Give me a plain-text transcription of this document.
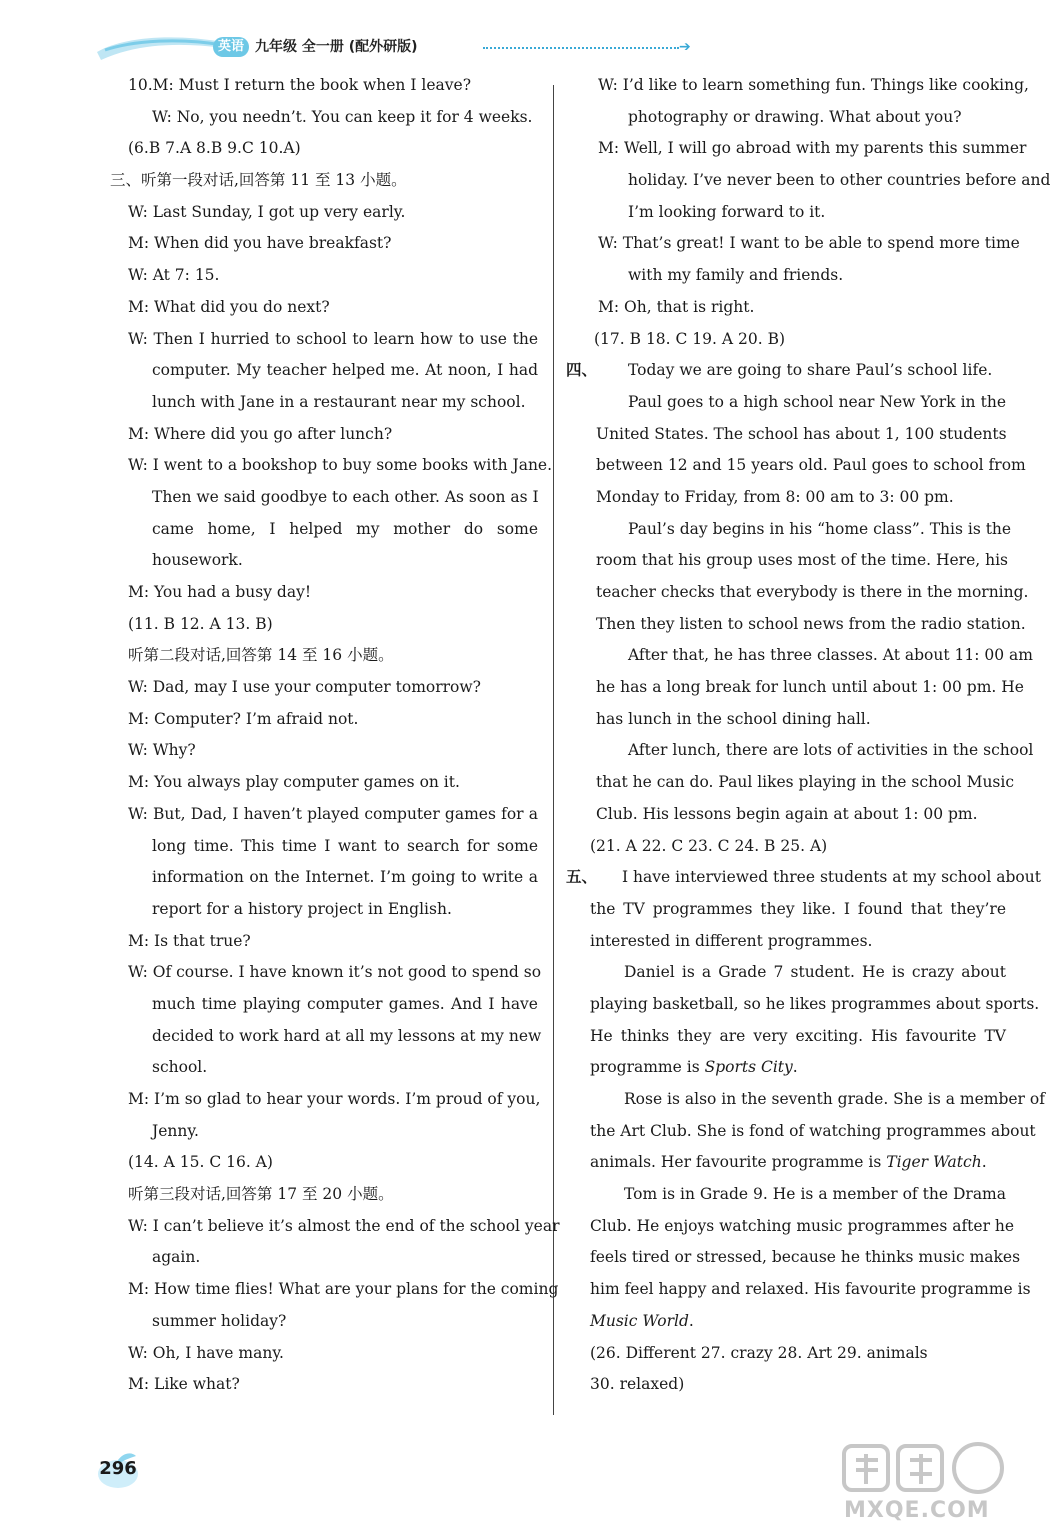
英语 九年级 全一册 (配外研版)	➔
10.M: Must I return the book when I leave?
W: No, you needn’t. You can keep it for 4 weeks.
(6.B 7.A 8.B 9.C 10.A)
三、听第一段对话,回答第 11 至 13 小题。
W: Last Sunday, I got up very early.
M: When did you have breakfast?
W: At 7: 15.
M: What did you do next?
W: Then I hurried to school to learn how to use the
computer. My teacher helped me. At noon, I had
lunch with Jane in a restaurant near my school.
M: Where did you go after lunch?
W: I went to a bookshop to buy some books with Jane.
Then we said goodbye to each other. As soon as I
came home, I helped my mother do some
housework.
M: You had a busy day!
(11. B 12. A 13. B)
听第二段对话,回答第 14 至 16 小题。
W: Dad, may I use your computer tomorrow?
M: Computer? I’m afraid not.
W: Why?
M: You always play computer games on it.
W: But, Dad, I haven’t played computer games for a
long time. This time I want to search for some
information on the Internet. I’m going to write a
report for a history project in English.
M: Is that true?
W: Of course. I have known it’s not good to spend so
much time playing computer games. And I have
decided to work hard at all my lessons at my new
school.
M: I’m so glad to hear your words. I’m proud of you,
Jenny.
(14. A 15. C 16. A)
听第三段对话,回答第 17 至 20 小题。
W: I can’t believe it’s almost the end of the school year
again.
M: How time flies! What are your plans for the coming
summer holiday?
W: Oh, I have many.
M: Like what?
W: I’d like to learn something fun. Things like cooking,
photography or drawing. What about you?
M: Well, I will go abroad with my parents this summer
holiday. I’ve never been to other countries before and
I’m looking forward to it.
W: That’s great! I want to be able to spend more time
with my family and friends.
M: Oh, that is right.
(17. B 18. C 19. A 20. B)
四、 Today we are going to share Paul’s school life.
Paul goes to a high school near New York in the
United States. The school has about 1, 100 students
between 12 and 15 years old. Paul goes to school from
Monday to Friday, from 8: 00 am to 3: 00 pm.
Paul’s day begins in his “home class”. This is the
room that his group uses most of the time. Here, his
teacher checks that everybody is there in the morning.
Then they listen to school news from the radio station.
After that, he has three classes. At about 11: 00 am
he has a long break for lunch until about 1: 00 pm. He
has lunch in the school dining hall.
After lunch, there are lots of activities in the school
that he can do. Paul likes playing in the school Music
Club. His lessons begin again at about 1: 00 pm.
(21. A 22. C 23. C 24. B 25. A)
五、 I have interviewed three students at my school about
the TV programmes they like. I found that they’re
interested in different programmes.
Daniel is a Grade 7 student. He is crazy about
playing basketball, so he likes programmes about sports.
He thinks they are very exciting. His favourite TV
programme is Sports City.
Rose is also in the seventh grade. She is a member of
the Art Club. She is fond of watching programmes about
animals. Her favourite programme is Tiger Watch.
Tom is in Grade 9. He is a member of the Drama
Club. He enjoys watching music programmes after he
feels tired or stressed, because he thinks music makes
him feel happy and relaxed. His favourite programme is
Music World.
(26. Different 27. crazy 28. Art 29. animals
30. relaxed)
296
MXQE.COM
